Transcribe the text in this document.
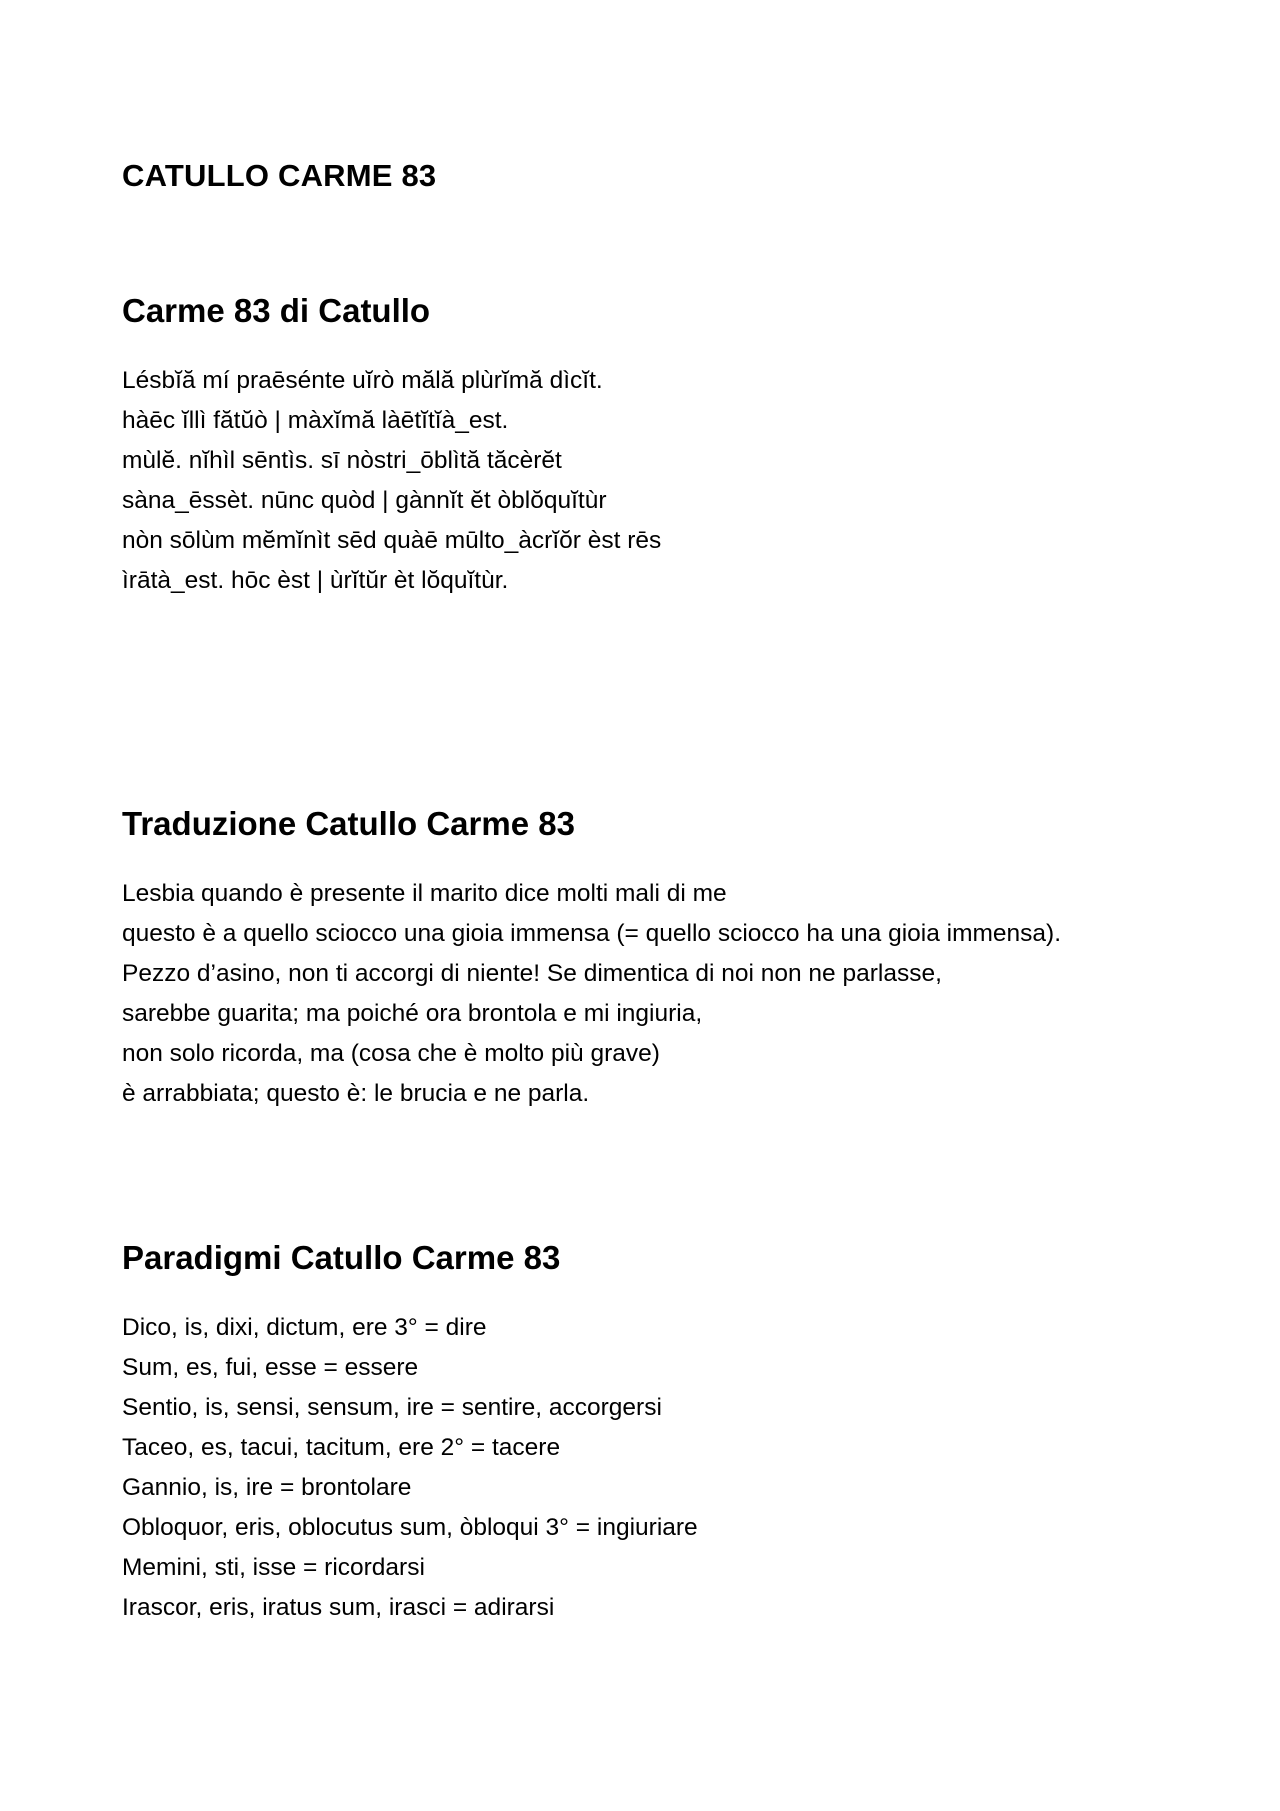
CATULLO CARME 83
Carme 83 di Catullo
Lésbĭă mí praēsénte uĭrò mălă plùrĭmă dìcĭt.
hàēc ĭllì fătŭò | màxĭmă làētĭtĭà_est.
mùlĕ. nĭhìl sēntìs. sī nòstri_ōblìtă tăcèrĕt
sàna_ēssèt. nūnc quòd | gànnĭt ĕt òblŏquĭtùr
nòn sōlùm mĕmĭnìt sēd quàē mūlto_àcrĭŏr èst rēs
ìrātà_est. hōc èst | ùrĭtŭr èt lŏquĭtùr.
Traduzione Catullo Carme 83
Lesbia quando è presente il marito dice molti mali di me
questo è a quello sciocco una gioia immensa (= quello sciocco ha una gioia immensa).
Pezzo d’asino, non ti accorgi di niente! Se dimentica di noi non ne parlasse,
sarebbe guarita; ma poiché ora brontola e mi ingiuria,
non solo ricorda, ma (cosa che è molto più grave)
è arrabbiata; questo è: le brucia e ne parla.
Paradigmi Catullo Carme 83
Dico, is, dixi, dictum, ere 3° = dire
Sum, es, fui, esse = essere
Sentio, is, sensi, sensum, ire = sentire, accorgersi
Taceo, es, tacui, tacitum, ere 2° = tacere
Gannio, is, ire = brontolare
Obloquor, eris, oblocutus sum, òbloqui 3° = ingiuriare
Memini, sti, isse = ricordarsi
Irascor, eris, iratus sum, irasci = adirarsi
